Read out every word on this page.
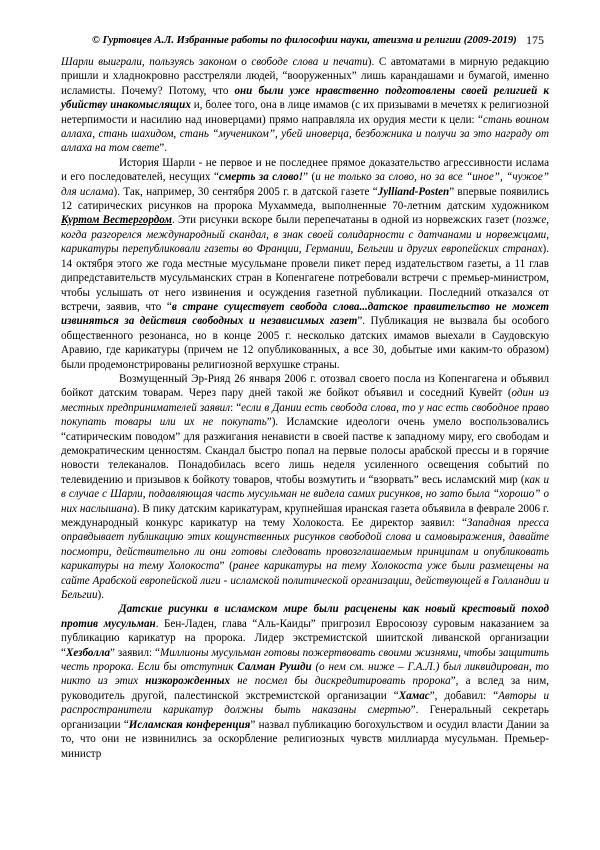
© Гуртовцев А.Л. Избранные работы по философии науки, атеизма и религии (2009-2019) 175

Шарли выиграли, пользуясь законом о свободе слова и печати). С автоматами в мирную редакцию пришли и хладнокровно расстреляли людей, “вооруженных” лишь карандашами и бумагой, именно исламисты. Почему? Потому, что они были уже нравственно подготовлены своей религией к убийству инакомыслящих и, более того, она в лице имамов (с их призывами в мечетях к религиозной нетерпимости и насилию над иноверцами) прямо направляла их орудия мести к цели: “стань воином аллаха, стань шахидом, стань “мучеником”, убей иноверца, безбожника и получи за это награду от аллаха на том свете”.

История Шарли - не первое и не последнее прямое доказательство агрессивности ислама и его последователей, несущих “смерть за слово!” (и не только за слово, но за все “иное”, “чужое” для ислама). Так, например, 30 сентября 2005 г. в датской газете “Jylliand-Posten” впервые появились 12 сатирических рисунков на пророка Мухаммеда, выполненные 70-летним датским художником Куртом Вестергордом. Эти рисунки вскоре были перепечатаны в одной из норвежских газет (позже, когда разгорелся международный скандал, в знак своей солидарности с датчанами и норвежцами, карикатуры перепубликовали газеты во Франции, Германии, Бельгии и других европейских странах). 14 октября этого же года местные мусульмане провели пикет перед издательством газеты, а 11 глав дипредставительств мусульманских стран в Копенгагене потребовали встречи с премьер-министром, чтобы услышать от него извинения и осуждения газетной публикации. Последний отказался от встречи, заявив, что “в стране существует свобода слова...датское правительство не может извиняться за действия свободных и независимых газет”. Публикация не вызвала бы особого общественного резонанса, но в конце 2005 г. несколько датских имамов выехали в Саудовскую Аравию, где карикатуры (причем не 12 опубликованных, а все 30, добытые ими каким-то образом) были продемонстрированы религиозной верхушке страны.

Возмущенный Эр-Рияд 26 января 2006 г. отозвал своего посла из Копенгагена и объявил бойкот датским товарам. Через пару дней такой же бойкот объявил и соседний Кувейт (один из местных предпринимателей заявил: “если в Дании есть свобода слова, то у нас есть свободное право покупать товары или их не покупать”). Исламские идеологи очень умело воспользовались “сатирическим поводом” для разжигания ненависти в своей пастве к западному миру, его свободам и демократическим ценностям. Скандал быстро попал на первые полосы арабской прессы и в горячие новости телеканалов. Понадобилась всего лишь неделя усиленного освещения событий по телевидению и призывов к бойкоту товаров, чтобы возмутить и “взорвать” весь исламский мир (как и в случае с Шарли, подавляющая часть мусульман не видела самих рисунков, но зато была “хорошо” о них наслышана). В пику датским карикатурам, крупнейшая иранская газета объявила в феврале 2006 г. международный конкурс карикатур на тему Холокоста. Ее директор заявил: “Западная пресса оправдывает публикацию этих кощунственных рисунков свободой слова и самовыражения, давайте посмотри, действительно ли они готовы следовать провозглашаемым принципам и опубликовать карикатуры на тему Холокоста” (ранее карикатуры на тему Холокоста уже были размещены на сайте Арабской европейской лиги - исламской политической организации, действующей в Голландии и Бельгии).

Датские рисунки в исламском мире были расценены как новый крестовый поход против мусульман. Бен-Ладен, глава “Аль-Каиды” пригрозил Евросоюзу суровым наказанием за публикацию карикатур на пророка. Лидер экстремистской шиитской ливанской организации “Хезболла” заявил: “Миллионы мусульман готовы пожертвовать своими жизнями, чтобы защитить честь пророка. Если бы отступник Салман Рушди (о нем см. ниже – Г.А.Л.) был ликвидирован, то никто из этих низкорожденных не посмел бы дискредитировать пророка”, а вслед за ним, руководитель другой, палестинской экстремистской организации “Хамас”, добавил: “Авторы и распространители карикатур должны быть наказаны смертью”. Генеральный секретарь организации “Исламская конференция” назвал публикацию богохульством и осудил власти Дании за то, что они не извинились за оскорбление религиозных чувств миллиарда мусульман. Премьер-министр
